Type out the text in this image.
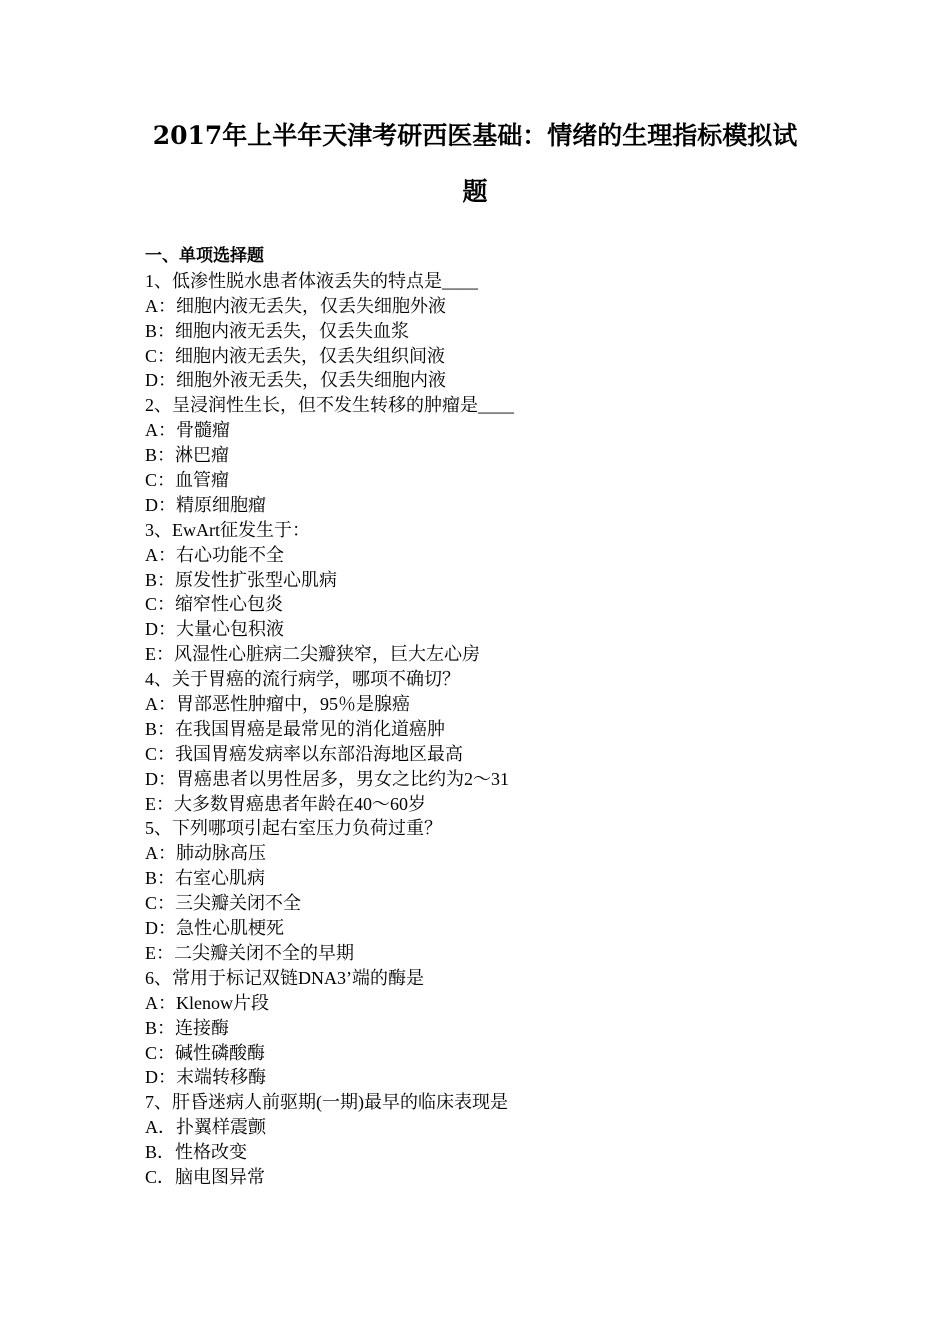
2017年上半年天津考研西医基础：情绪的生理指标模拟试
题

一、单项选择题

1、低渗性脱水患者体液丢失的特点是____

A：细胞内液无丢失，仅丢失细胞外液

B：细胞内液无丢失，仅丢失血浆

C：细胞内液无丢失，仅丢失组织间液

D：细胞外液无丢失，仅丢失细胞内液

2、呈浸润性生长，但不发生转移的肿瘤是____

A：骨髓瘤

B：淋巴瘤

C：血管瘤

D：精原细胞瘤

3、EwArt征发生于：

A：右心功能不全

B：原发性扩张型心肌病

C：缩窄性心包炎

D：大量心包积液

E：风湿性心脏病二尖瓣狭窄，巨大左心房

4、关于胃癌的流行病学，哪项不确切？

A：胃部恶性肿瘤中，95％是腺癌

B：在我国胃癌是最常见的消化道癌肿

C：我国胃癌发病率以东部沿海地区最高

D：胃癌患者以男性居多，男女之比约为2～31

E：大多数胃癌患者年龄在40～60岁

5、下列哪项引起右室压力负荷过重？

A：肺动脉高压

B：右室心肌病

C：三尖瓣关闭不全

D：急性心肌梗死

E：二尖瓣关闭不全的早期

6、常用于标记双链DNA3’端的酶是

A：Klenow片段

B：连接酶

C：碱性磷酸酶

D：末端转移酶

7、肝昏迷病人前驱期(一期)最早的临床表现是

A．扑翼样震颤

B．性格改变

C．脑电图异常
